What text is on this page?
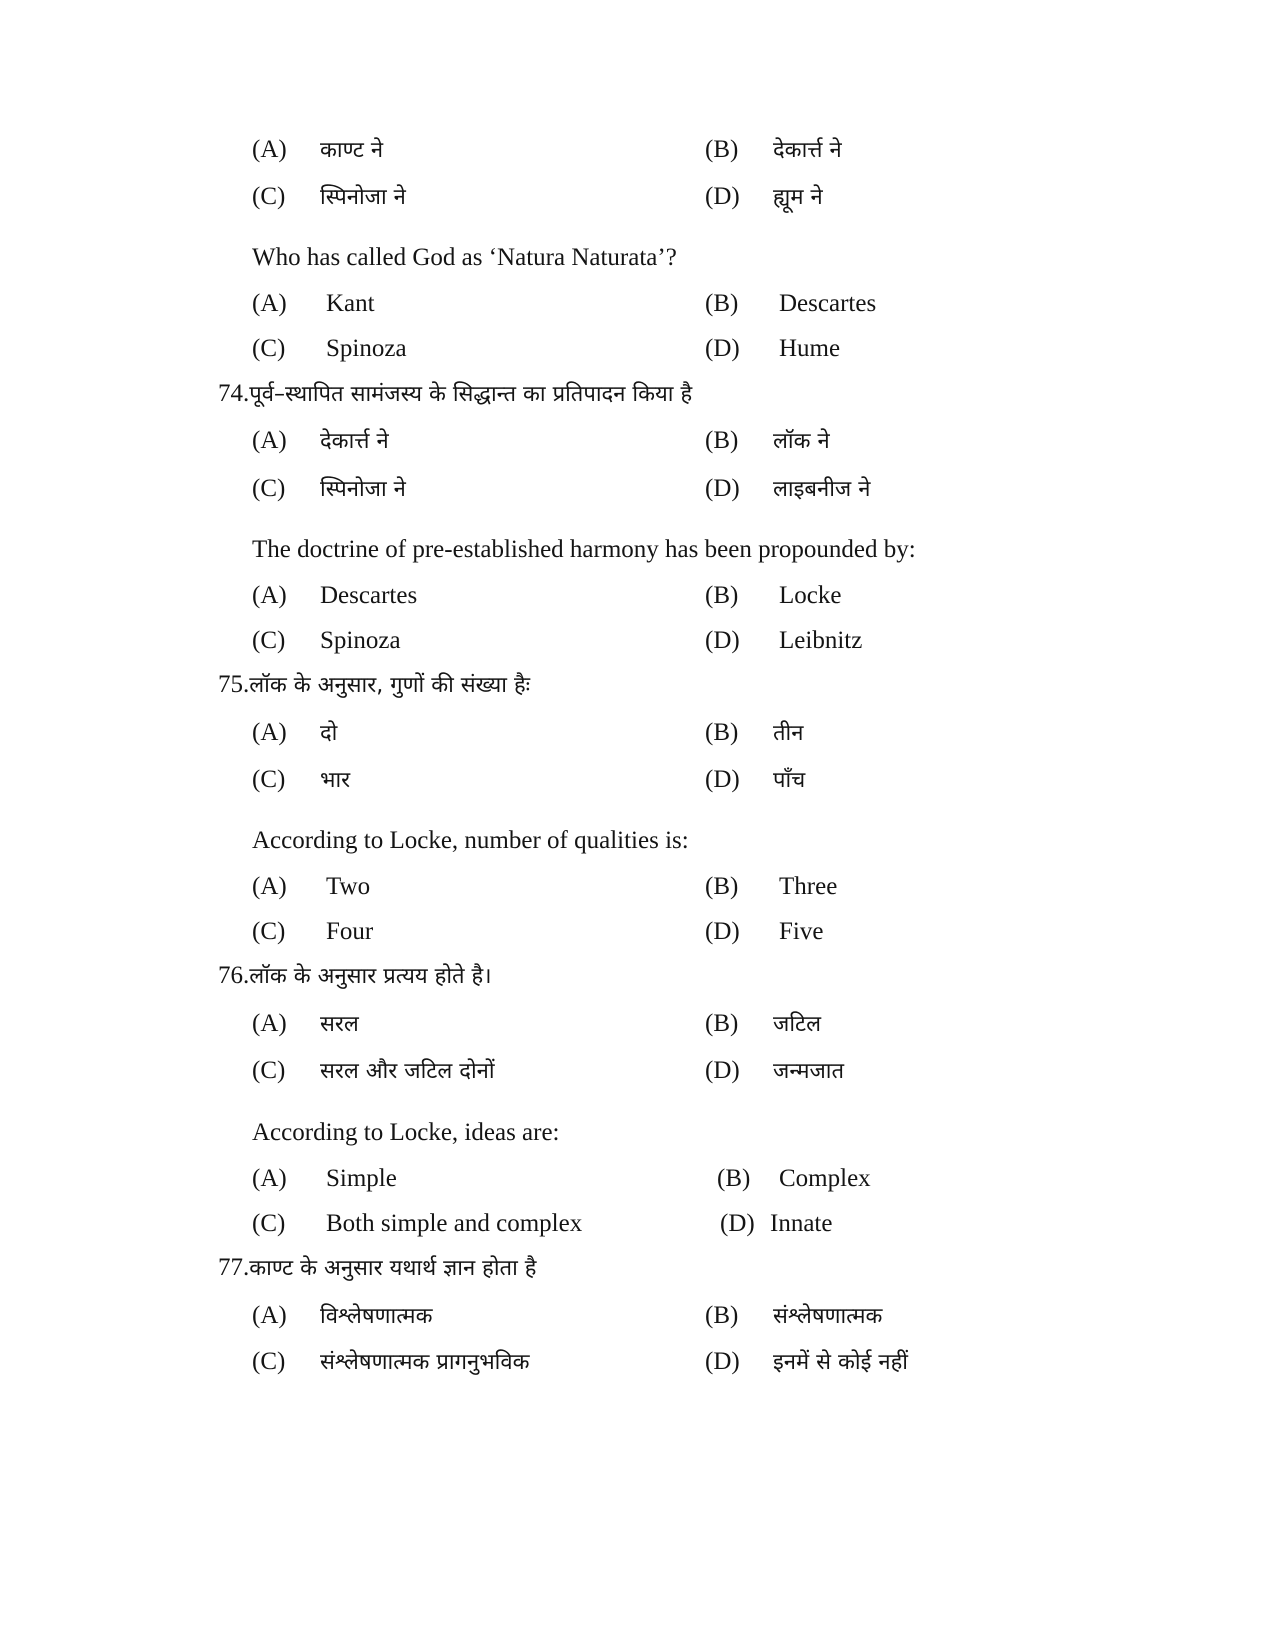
(A) काण्ट ने	(B) देकार्त्त ने
(C) स्पिनोजा ने	(D) ह्यूम ने
Who has called God as ‘Natura Naturata’?
(A) Kant	(B) Descartes
(C) Spinoza	(D) Hume
74.पूर्व–स्थापित सामंजस्य के सिद्धान्त का प्रतिपादन किया है
(A) देकार्त्त ने	(B) लॉक ने
(C) स्पिनोजा ने	(D) लाइबनीज ने
The doctrine of pre-established harmony has been propounded by:
(A) Descartes	(B) Locke
(C) Spinoza	(D) Leibnitz
75.लॉक के अनुसार, गुणों की संख्या हैः
(A) दो	(B) तीन
(C) भार	(D) पाँच
According to Locke, number of qualities is:
(A) Two	(B) Three
(C) Four	(D) Five
76.लॉक के अनुसार प्रत्यय होते है।
(A) सरल	(B) जटिल
(C) सरल और जटिल दोनों	(D) जन्मजात
According to Locke, ideas are:
(A) Simple	(B) Complex
(C) Both simple and complex	(D) Innate
77.काण्ट के अनुसार यथार्थ ज्ञान होता है
(A) विश्लेषणात्मक	(B) संश्लेषणात्मक
(C) संश्लेषणात्मक प्रागनुभविक	(D) इनमें से कोई नहीं
